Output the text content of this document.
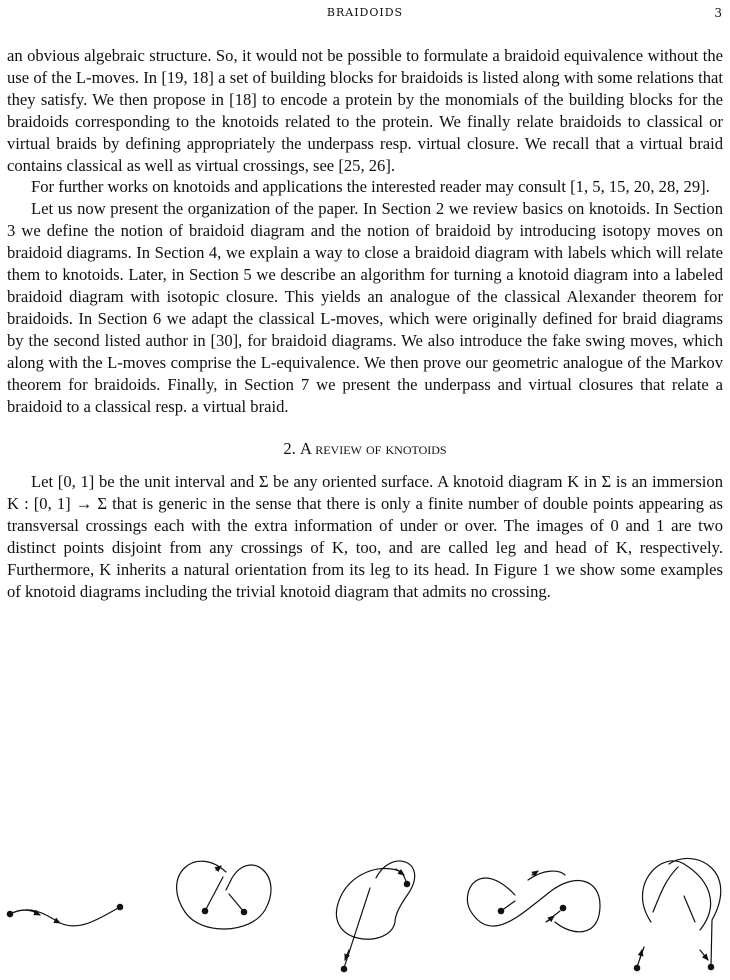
BRAIDOIDS	3

an obvious algebraic structure. So, it would not be possible to formulate a braidoid equivalence without the use of the L-moves. In [19, 18] a set of building blocks for braidoids is listed along with some relations that they satisfy. We then propose in [18] to encode a protein by the monomials of the building blocks for the braidoids corresponding to the knotoids related to the protein. We finally relate braidoids to classical or virtual braids by defining appropriately the underpass resp. virtual closure. We recall that a virtual braid contains classical as well as virtual crossings, see [25, 26].

For further works on knotoids and applications the interested reader may consult [1, 5, 15, 20, 28, 29].

Let us now present the organization of the paper. In Section 2 we review basics on knotoids. In Section 3 we define the notion of braidoid diagram and the notion of braidoid by introducing isotopy moves on braidoid diagrams. In Section 4, we explain a way to close a braidoid diagram with labels which will relate them to knotoids. Later, in Section 5 we describe an algorithm for turning a knotoid diagram into a labeled braidoid diagram with isotopic closure. This yields an analogue of the classical Alexander theorem for braidoids. In Section 6 we adapt the classical L-moves, which were originally defined for braid diagrams by the second listed author in [30], for braidoid diagrams. We also introduce the fake swing moves, which along with the L-moves comprise the L-equivalence. We then prove our geometric analogue of the Markov theorem for braidoids. Finally, in Section 7 we present the underpass and virtual closures that relate a braidoid to a classical resp. a virtual braid.

2. A review of knotoids

Let [0, 1] be the unit interval and Σ be any oriented surface. A knotoid diagram K in Σ is an immersion K : [0, 1] → Σ that is generic in the sense that there is only a finite number of double points appearing as transversal crossings each with the extra information of under or over. The images of 0 and 1 are two distinct points disjoint from any crossings of K, too, and are called leg and head of K, respectively. Furthermore, K inherits a natural orientation from its leg to its head. In Figure 1 we show some examples of knotoid diagrams including the trivial knotoid diagram that admits no crossing.
